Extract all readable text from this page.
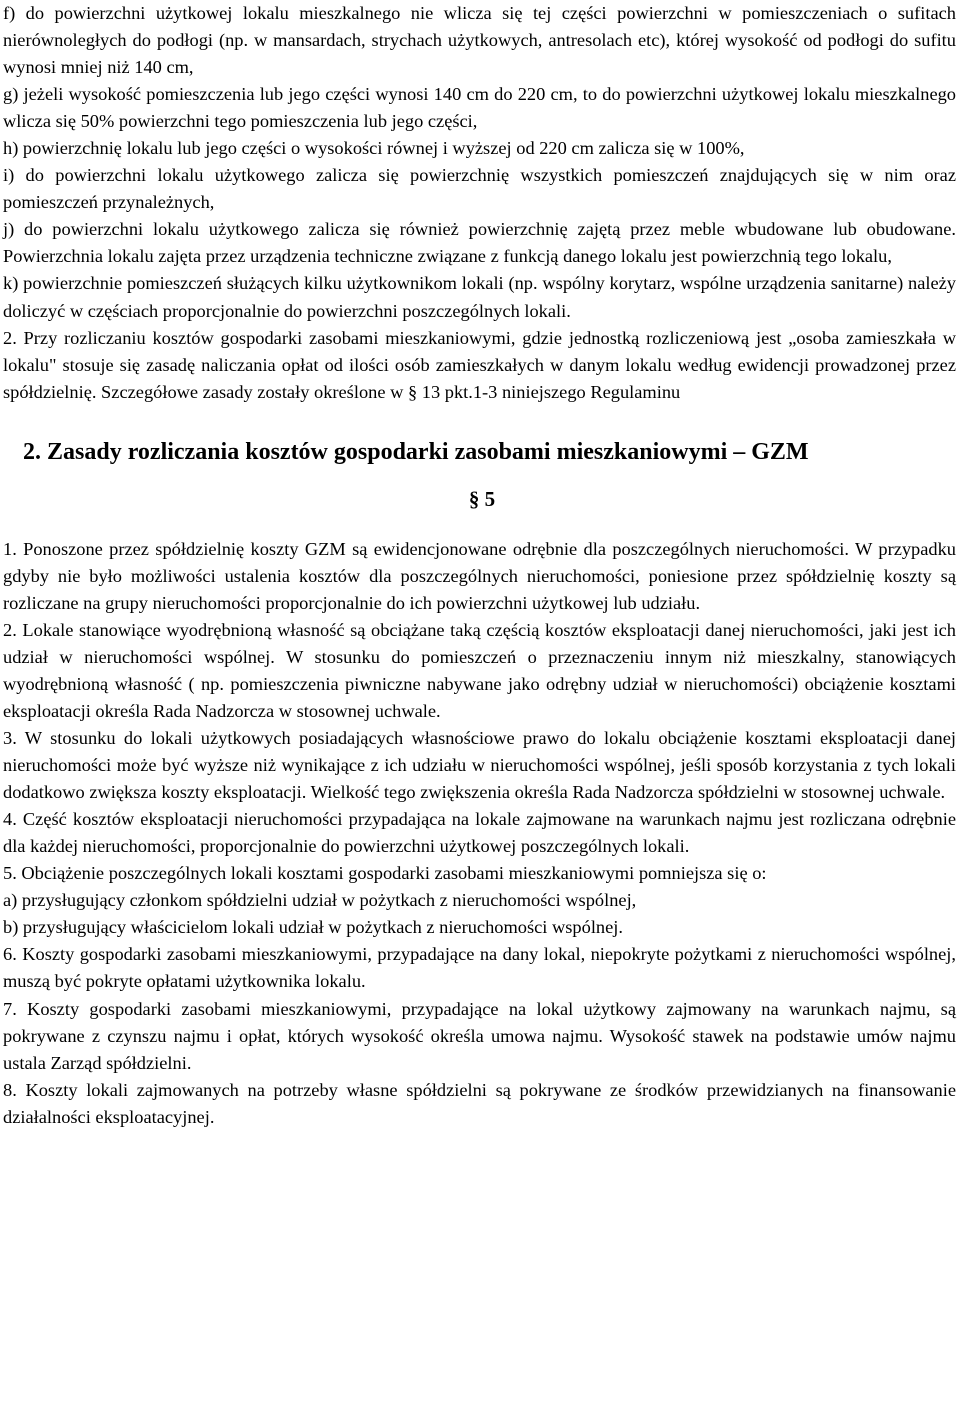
f) do powierzchni użytkowej lokalu mieszkalnego nie wlicza się tej części powierzchni w pomieszczeniach o sufitach nierównoległych do podłogi (np. w mansardach, strychach użytkowych, antresolach etc), której wysokość od podłogi do sufitu wynosi mniej niż 140 cm,

g) jeżeli wysokość pomieszczenia lub jego części wynosi 140 cm do 220 cm, to do powierzchni użytkowej lokalu mieszkalnego wlicza się 50% powierzchni tego pomieszczenia lub jego części,

h) powierzchnię lokalu lub jego części o wysokości równej i wyższej od 220 cm zalicza się w 100%,

i) do powierzchni lokalu użytkowego zalicza się powierzchnię wszystkich pomieszczeń znajdujących się w nim oraz pomieszczeń przynależnych,

j) do powierzchni lokalu użytkowego zalicza się również powierzchnię zajętą przez meble wbudowane lub obudowane. Powierzchnia lokalu zajęta przez urządzenia techniczne związane z funkcją danego lokalu jest powierzchnią tego lokalu,

k) powierzchnie pomieszczeń służących kilku użytkownikom lokali (np. wspólny korytarz, wspólne urządzenia sanitarne) należy doliczyć w częściach proporcjonalnie do powierzchni poszczególnych lokali.

2. Przy rozliczaniu kosztów gospodarki zasobami mieszkaniowymi, gdzie jednostką rozliczeniową jest „osoba zamieszkała w lokalu" stosuje się zasadę naliczania opłat od ilości osób zamieszkałych w danym lokalu według ewidencji prowadzonej przez spółdzielnię. Szczegółowe zasady zostały określone w § 13 pkt.1-3 niniejszego Regulaminu

2. Zasady rozliczania kosztów gospodarki zasobami mieszkaniowymi – GZM
§ 5

1. Ponoszone przez spółdzielnię koszty GZM są ewidencjonowane odrębnie dla poszczególnych nieruchomości. W przypadku gdyby nie było możliwości ustalenia kosztów dla poszczególnych nieruchomości, poniesione przez spółdzielnię koszty są rozliczane na grupy nieruchomości proporcjonalnie do ich powierzchni użytkowej lub udziału.

2. Lokale stanowiące wyodrębnioną własność są obciążane taką częścią kosztów eksploatacji danej nieruchomości, jaki jest ich udział w nieruchomości wspólnej. W stosunku do pomieszczeń o przeznaczeniu innym niż mieszkalny, stanowiących wyodrębnioną własność ( np. pomieszczenia piwniczne nabywane jako odrębny udział w nieruchomości) obciążenie kosztami eksploatacji określa Rada Nadzorcza w stosownej uchwale.

3. W stosunku do lokali użytkowych posiadających własnościowe prawo do lokalu obciążenie kosztami eksploatacji danej nieruchomości może być wyższe niż wynikające z ich udziału w nieruchomości wspólnej, jeśli sposób korzystania z tych lokali dodatkowo zwiększa koszty eksploatacji. Wielkość tego zwiększenia określa Rada Nadzorcza spółdzielni w stosownej uchwale.

4. Część kosztów eksploatacji nieruchomości przypadająca na lokale zajmowane na warunkach najmu jest rozliczana odrębnie dla każdej nieruchomości, proporcjonalnie do powierzchni użytkowej poszczególnych lokali.

5. Obciążenie poszczególnych lokali kosztami gospodarki zasobami mieszkaniowymi pomniejsza się o:

a) przysługujący członkom spółdzielni udział w pożytkach z nieruchomości wspólnej,

b) przysługujący właścicielom lokali udział w pożytkach z nieruchomości wspólnej.

6. Koszty gospodarki zasobami mieszkaniowymi, przypadające na dany lokal, niepokryte pożytkami z nieruchomości wspólnej, muszą być pokryte opłatami użytkownika lokalu.

7. Koszty gospodarki zasobami mieszkaniowymi, przypadające na lokal użytkowy zajmowany na warunkach najmu, są pokrywane z czynszu najmu i opłat, których wysokość określa umowa najmu. Wysokość stawek na podstawie umów najmu ustala Zarząd spółdzielni.

8. Koszty lokali zajmowanych na potrzeby własne spółdzielni są pokrywane ze środków przewidzianych na finansowanie działalności eksploatacyjnej.
